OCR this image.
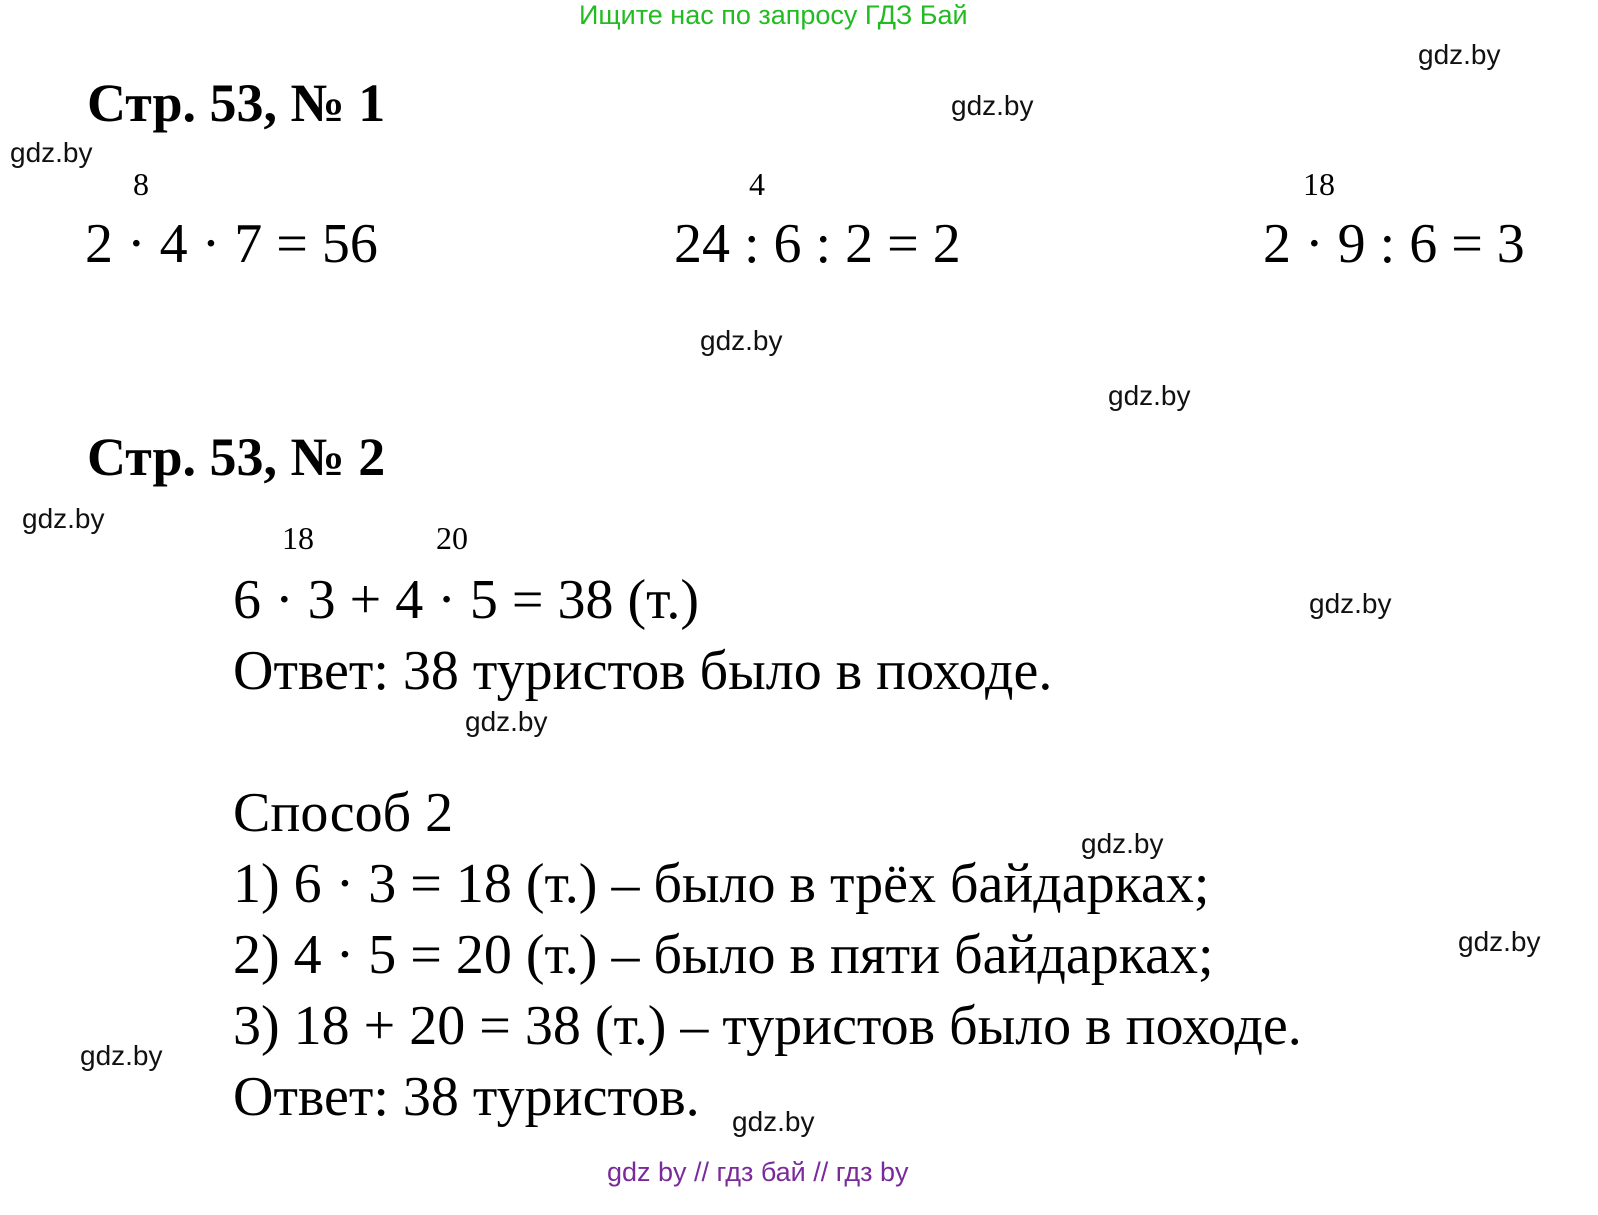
Ищите нас по запросу ГДЗ Бай
gdz.by
gdz.by
gdz.by
gdz.by
gdz.by
gdz.by
gdz.by
gdz.by
gdz.by
gdz.by
gdz.by
gdz.by
Стр. 53, № 1
8
2 · 4 · 7 = 56
4
24 : 6 : 2 = 2
18
2 · 9 : 6 = 3
Стр. 53, № 2
18	20
6 · 3 + 4 · 5 = 38 (т.)
Ответ: 38 туристов было в походе.
Способ 2
1) 6 · 3 = 18 (т.) – было в трёх байдарках;
2) 4 · 5 = 20 (т.) – было в пяти байдарках;
3) 18 + 20 = 38 (т.) – туристов было в походе.
Ответ: 38 туристов.
gdz by // гдз бай // гдз by
